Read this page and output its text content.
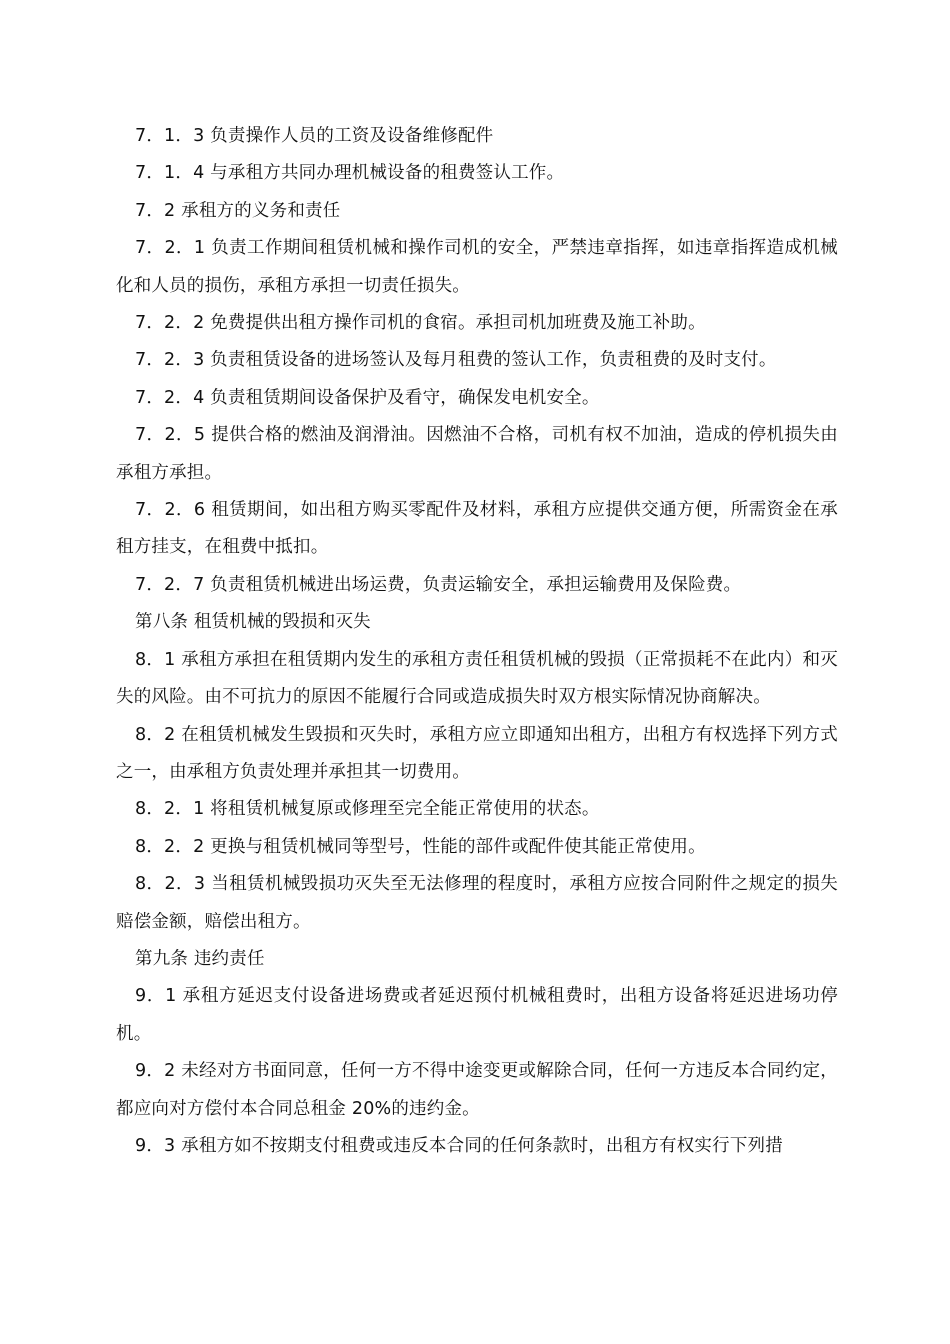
7．1．3 负责操作人员的工资及设备维修配件

7．1．4 与承租方共同办理机械设备的租费签认工作。

7．2 承租方的义务和责任

7．2．1 负责工作期间租赁机械和操作司机的安全，严禁违章指挥，如违章指挥造成机械化和人员的损伤，承租方承担一切责任损失。

7．2．2 免费提供出租方操作司机的食宿。承担司机加班费及施工补助。

7．2．3 负责租赁设备的进场签认及每月租费的签认工作，负责租费的及时支付。

7．2．4 负责租赁期间设备保护及看守，确保发电机安全。

7．2．5 提供合格的燃油及润滑油。因燃油不合格，司机有权不加油，造成的停机损失由承租方承担。

7．2．6 租赁期间，如出租方购买零配件及材料，承租方应提供交通方便，所需资金在承租方挂支，在租费中抵扣。

7．2．7 负责租赁机械进出场运费，负责运输安全，承担运输费用及保险费。

第八条 租赁机械的毁损和灭失

8．1 承租方承担在租赁期内发生的承租方责任租赁机械的毁损（正常损耗不在此内）和灭失的风险。由不可抗力的原因不能履行合同或造成损失时双方根实际情况协商解决。

8．2 在租赁机械发生毁损和灭失时，承租方应立即通知出租方，出租方有权选择下列方式之一，由承租方负责处理并承担其一切费用。

8．2．1 将租赁机械复原或修理至完全能正常使用的状态。

8．2．2 更换与租赁机械同等型号，性能的部件或配件使其能正常使用。

8．2．3 当租赁机械毁损功灭失至无法修理的程度时，承租方应按合同附件之规定的损失赔偿金额，赔偿出租方。

第九条 违约责任

9．1 承租方延迟支付设备进场费或者延迟预付机械租费时，出租方设备将延迟进场功停机。

9．2 未经对方书面同意，任何一方不得中途变更或解除合同，任何一方违反本合同约定，都应向对方偿付本合同总租金 20%的违约金。

9．3 承租方如不按期支付租费或违反本合同的任何条款时，出租方有权实行下列措
